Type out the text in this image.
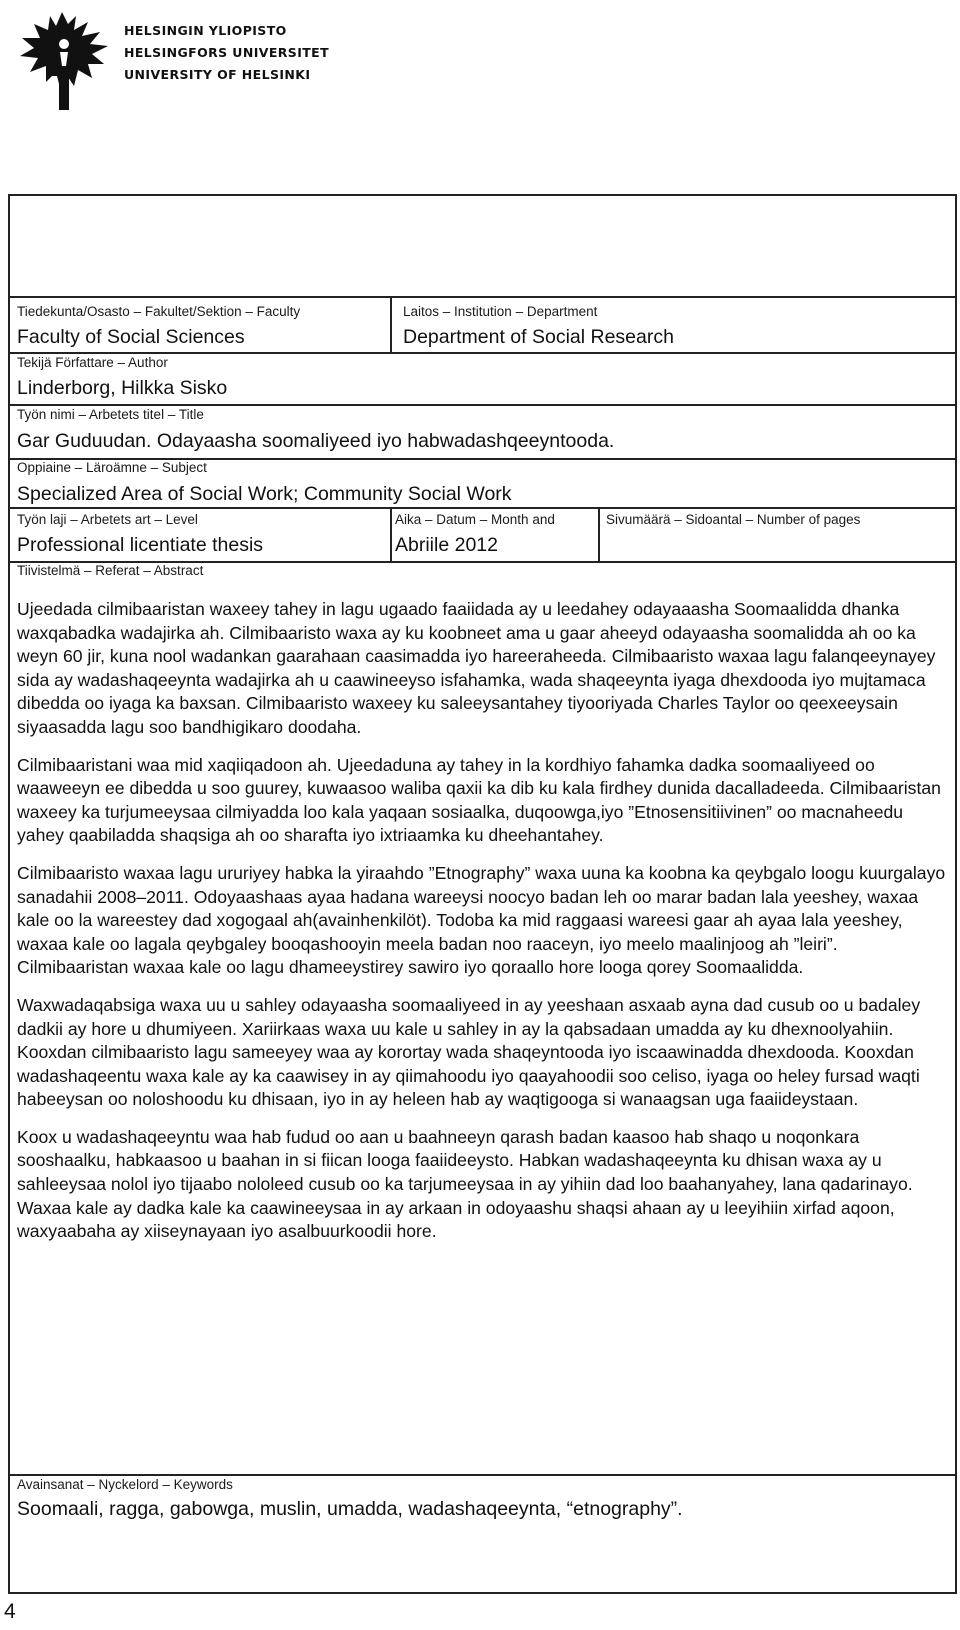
HELSINGIN YLIOPISTO
HELSINGFORS UNIVERSITET
UNIVERSITY OF HELSINKI
Tiedekunta/Osasto – Fakultet/Sektion – Faculty
Faculty of Social Sciences
Laitos – Institution – Department
Department of Social Research
Tekijä Författare – Author
Linderborg, Hilkka Sisko
Työn nimi – Arbetets titel – Title
Gar Guduudan. Odayaasha soomaliyeed iyo habwadashqeeyntooda.
Oppiaine – Läroämne – Subject
Specialized Area of Social Work; Community Social Work
Työn laji – Arbetets art – Level
Professional licentiate thesis
Aika – Datum – Month and
Abriile 2012
Sivumäärä – Sidoantal – Number of pages
Tiivistelmä – Referat – Abstract

Ujeedada cilmibaaristan waxeey tahey in lagu ugaado faaiidada ay u leedahey odayaaasha Soomaalidda dhanka waxqabadka wadajirka ah. Cilmibaaristo waxa ay ku koobneet ama u gaar aheeyd odayaasha soomalidda ah oo ka weyn 60 jir, kuna nool wadankan gaarahaan caasimadda iyo hareeraheeda. Cilmibaaristo waxaa lagu falanqeeynayey sida ay wadashaqeeynta wadajirka ah u caawineeyso isfahamka, wada shaqeeynta iyaga dhexdooda iyo mujtamaca dibedda oo iyaga ka baxsan. Cilmibaaristo waxeey ku saleeysantahey tiyooriyada Charles Taylor oo qeexeeysain siyaasadda lagu soo bandhigikaro doodaha.

Cilmibaaristani waa mid xaqiiqadoon ah. Ujeedaduna ay tahey in la kordhiyo fahamka dadka soomaaliyeed oo waaweeyn ee dibedda u soo guurey, kuwaasoo waliba qaxii ka dib ku kala firdhey dunida dacalladeeda. Cilmibaaristan waxeey ka turjumeeysaa cilmiyadda loo kala yaqaan sosiaalka, duqoowga,iyo ”Etnosensitiivinen” oo macnaheedu yahey qaabiladda shaqsiga ah oo sharafta iyo ixtriaamka ku dheehantahey.

Cilmibaaristo waxaa lagu ururiyey habka la yiraahdo ”Etnography” waxa uuna ka koobna ka qeybgalo loogu kuurgalayo sanadahii 2008–2011. Odoyaashaas ayaa hadana wareeysi noocyo badan leh oo marar badan lala yeeshey, waxaa kale oo la wareestey dad xogogaal ah(avainhenkilöt). Todoba ka mid raggaasi wareesi gaar ah ayaa lala yeeshey, waxaa kale oo lagala qeybgaley booqashooyin meela badan noo raaceyn, iyo meelo maalinjoog ah ”leiri”. Cilmibaaristan waxaa kale oo lagu dhameeystirey sawiro iyo qoraallo hore looga qorey Soomaalidda.

Waxwadaqabsiga waxa uu u sahley odayaasha soomaaliyeed in ay yeeshaan asxaab ayna dad cusub oo u badaley dadkii ay hore u dhumiyeen. Xariirkaas waxa uu kale u sahley in ay la qabsadaan umadda ay ku dhexnoolyahiin. Kooxdan cilmibaaristo lagu sameeyey waa ay korortay wada shaqeyntooda iyo iscaawinadda dhexdooda. Kooxdan wadashaqeentu waxa kale ay ka caawisey in ay qiimahoodu iyo qaayahoodii soo celiso, iyaga oo heley fursad waqti habeeysan oo noloshoodu ku dhisaan, iyo in ay heleen hab ay waqtigooga si wanaagsan uga faaiideystaan.

Koox u wadashaqeeyntu waa hab fudud oo aan u baahneeyn qarash badan kaasoo hab shaqo u noqonkara sooshaalku, habkaasoo u baahan in si fiican looga faaiideeysto. Habkan wadashaqeeynta ku dhisan waxa ay u sahleeysaa nolol iyo tijaabo nololeed cusub oo ka tarjumeeysaa in ay yihiin dad loo baahanyahey, lana qadarinayo. Waxaa kale ay dadka kale ka caawineeysaa in ay arkaan in odoyaashu shaqsi ahaan ay u leeyihiin xirfad aqoon, waxyaabaha ay xiiseynayaan iyo asalbuurkoodii hore.

Avainsanat – Nyckelord – Keywords
Soomaali, ragga, gabowga, muslin, umadda, wadashaqeeynta, “etnography”.
4
